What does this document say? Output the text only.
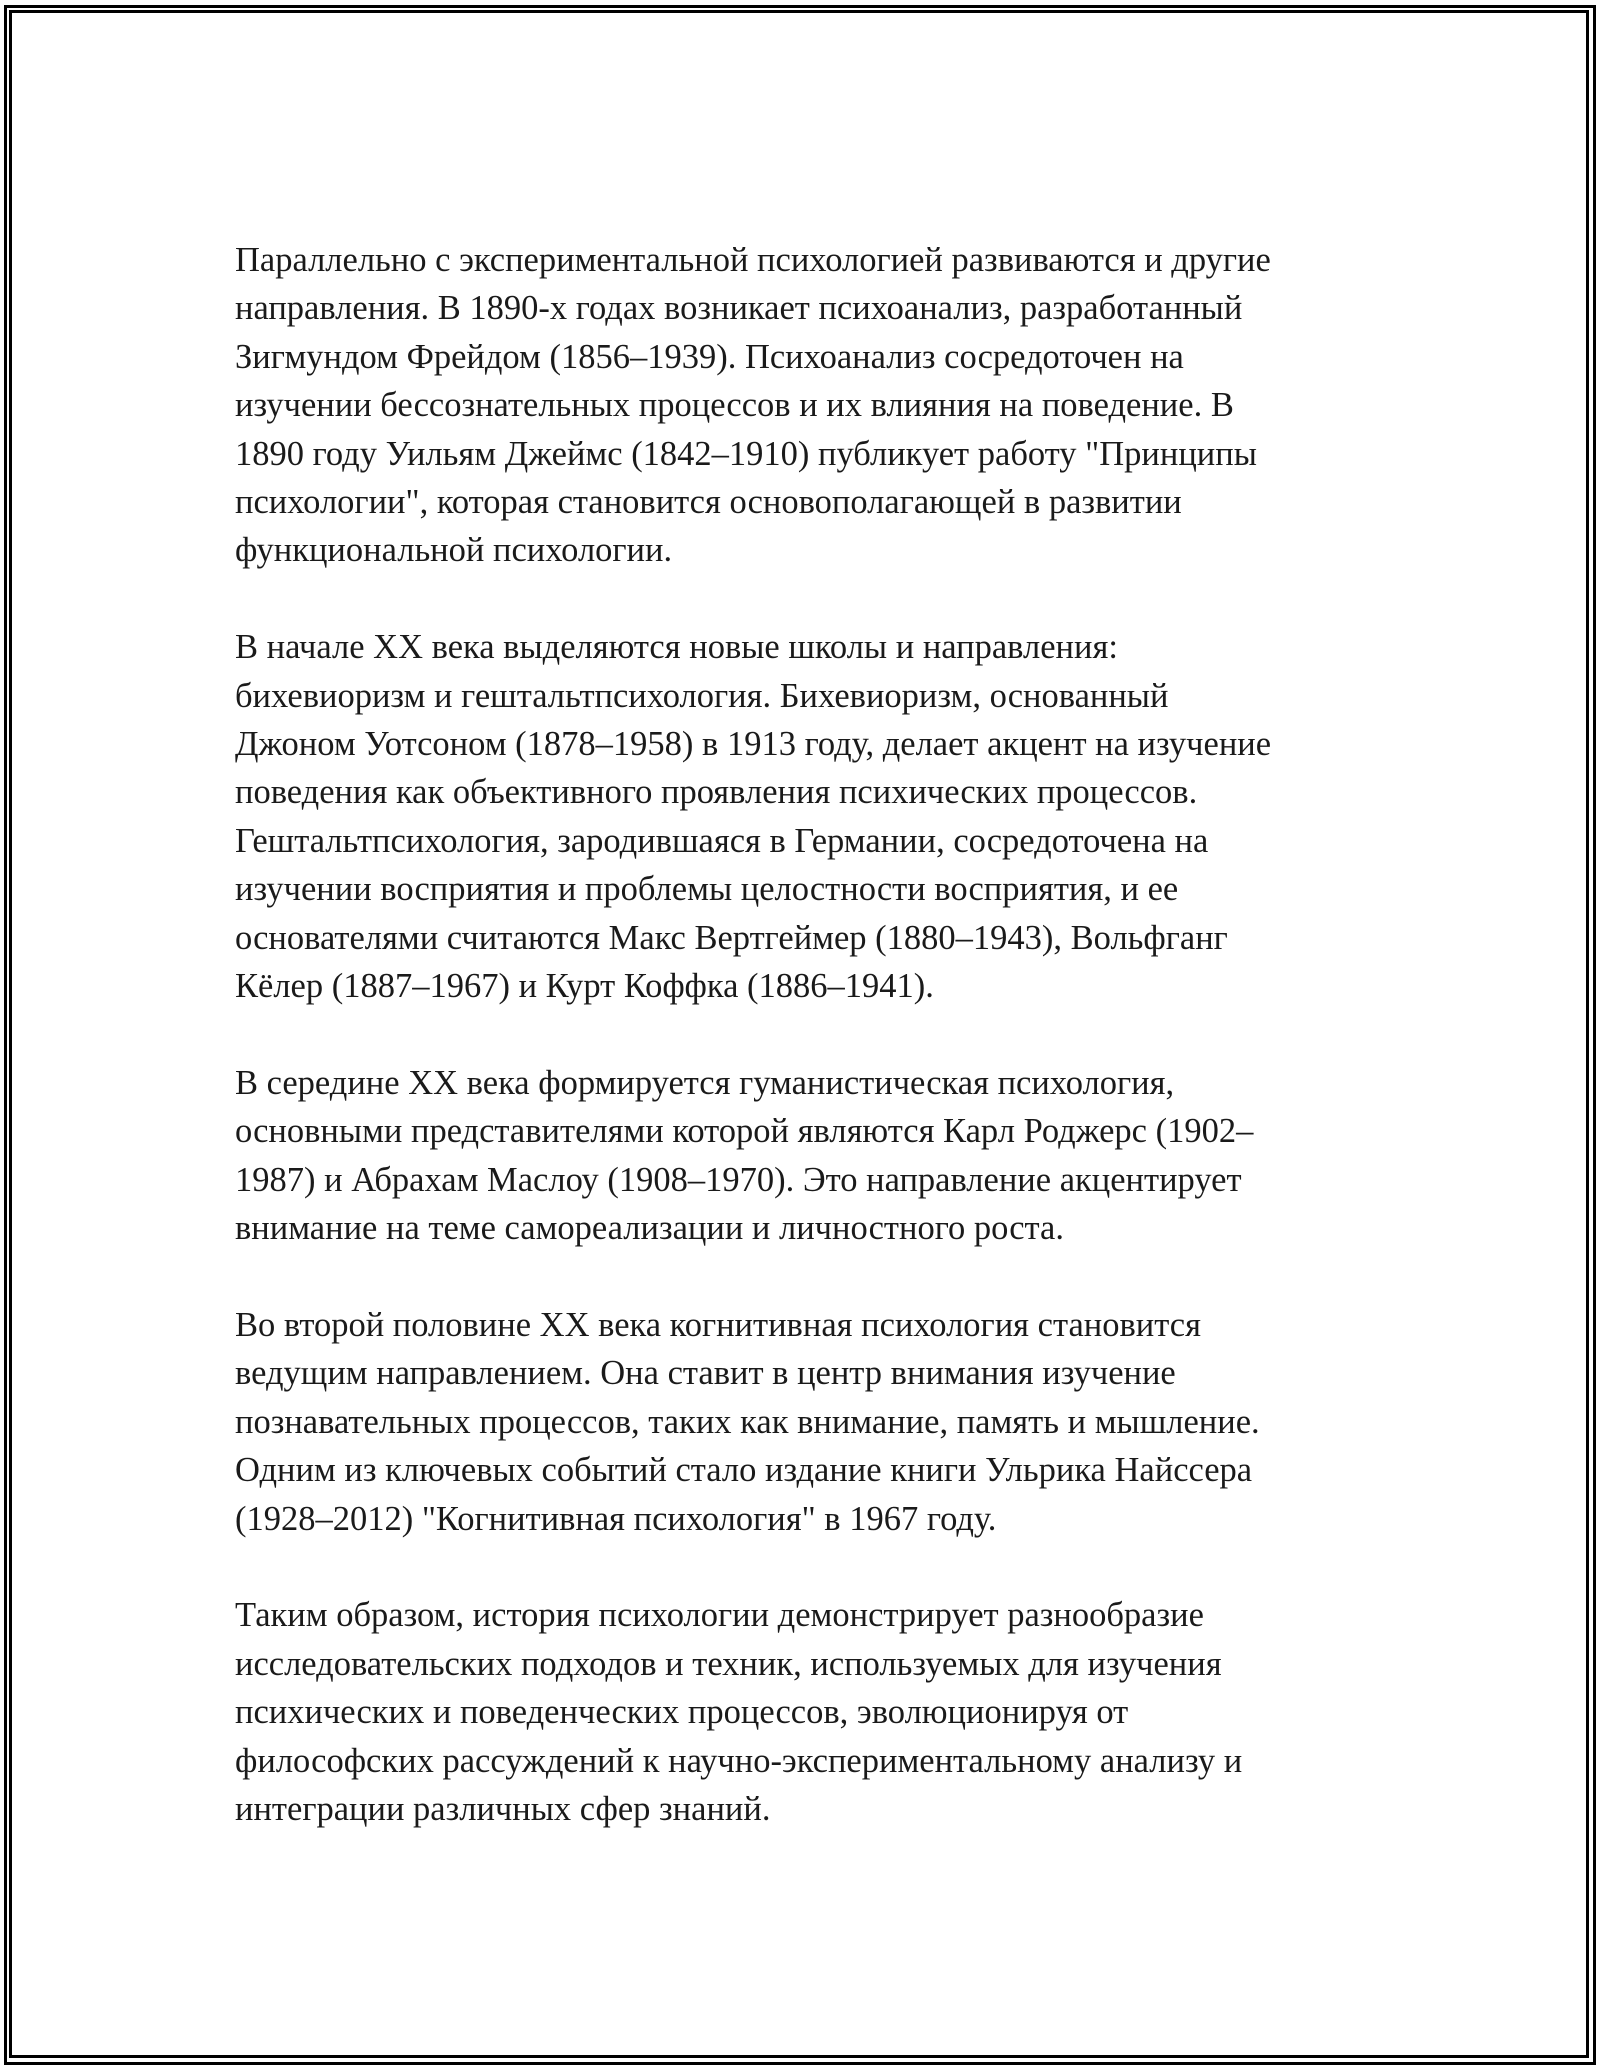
Параллельно с экспериментальной психологией развиваются и другие
направления. В 1890-х годах возникает психоанализ, разработанный
Зигмундом Фрейдом (1856–1939). Психоанализ сосредоточен на
изучении бессознательных процессов и их влияния на поведение. В
1890 году Уильям Джеймс (1842–1910) публикует работу "Принципы
психологии", которая становится основополагающей в развитии
функциональной психологии.

В начале XX века выделяются новые школы и направления:
бихевиоризм и гештальтпсихология. Бихевиоризм, основанный
Джоном Уотсоном (1878–1958) в 1913 году, делает акцент на изучение
поведения как объективного проявления психических процессов.
Гештальтпсихология, зародившаяся в Германии, сосредоточена на
изучении восприятия и проблемы целостности восприятия, и ее
основателями считаются Макс Вертгеймер (1880–1943), Вольфганг
Кёлер (1887–1967) и Курт Коффка (1886–1941).

В середине XX века формируется гуманистическая психология,
основными представителями которой являются Карл Роджерс (1902–
1987) и Абрахам Маслоу (1908–1970). Это направление акцентирует
внимание на теме самореализации и личностного роста.

Во второй половине XX века когнитивная психология становится
ведущим направлением. Она ставит в центр внимания изучение
познавательных процессов, таких как внимание, память и мышление.
Одним из ключевых событий стало издание книги Ульрика Найссера
(1928–2012) "Когнитивная психология" в 1967 году.

Таким образом, история психологии демонстрирует разнообразие
исследовательских подходов и техник, используемых для изучения
психических и поведенческих процессов, эволюционируя от
философских рассуждений к научно-экспериментальному анализу и
интеграции различных сфер знаний.
